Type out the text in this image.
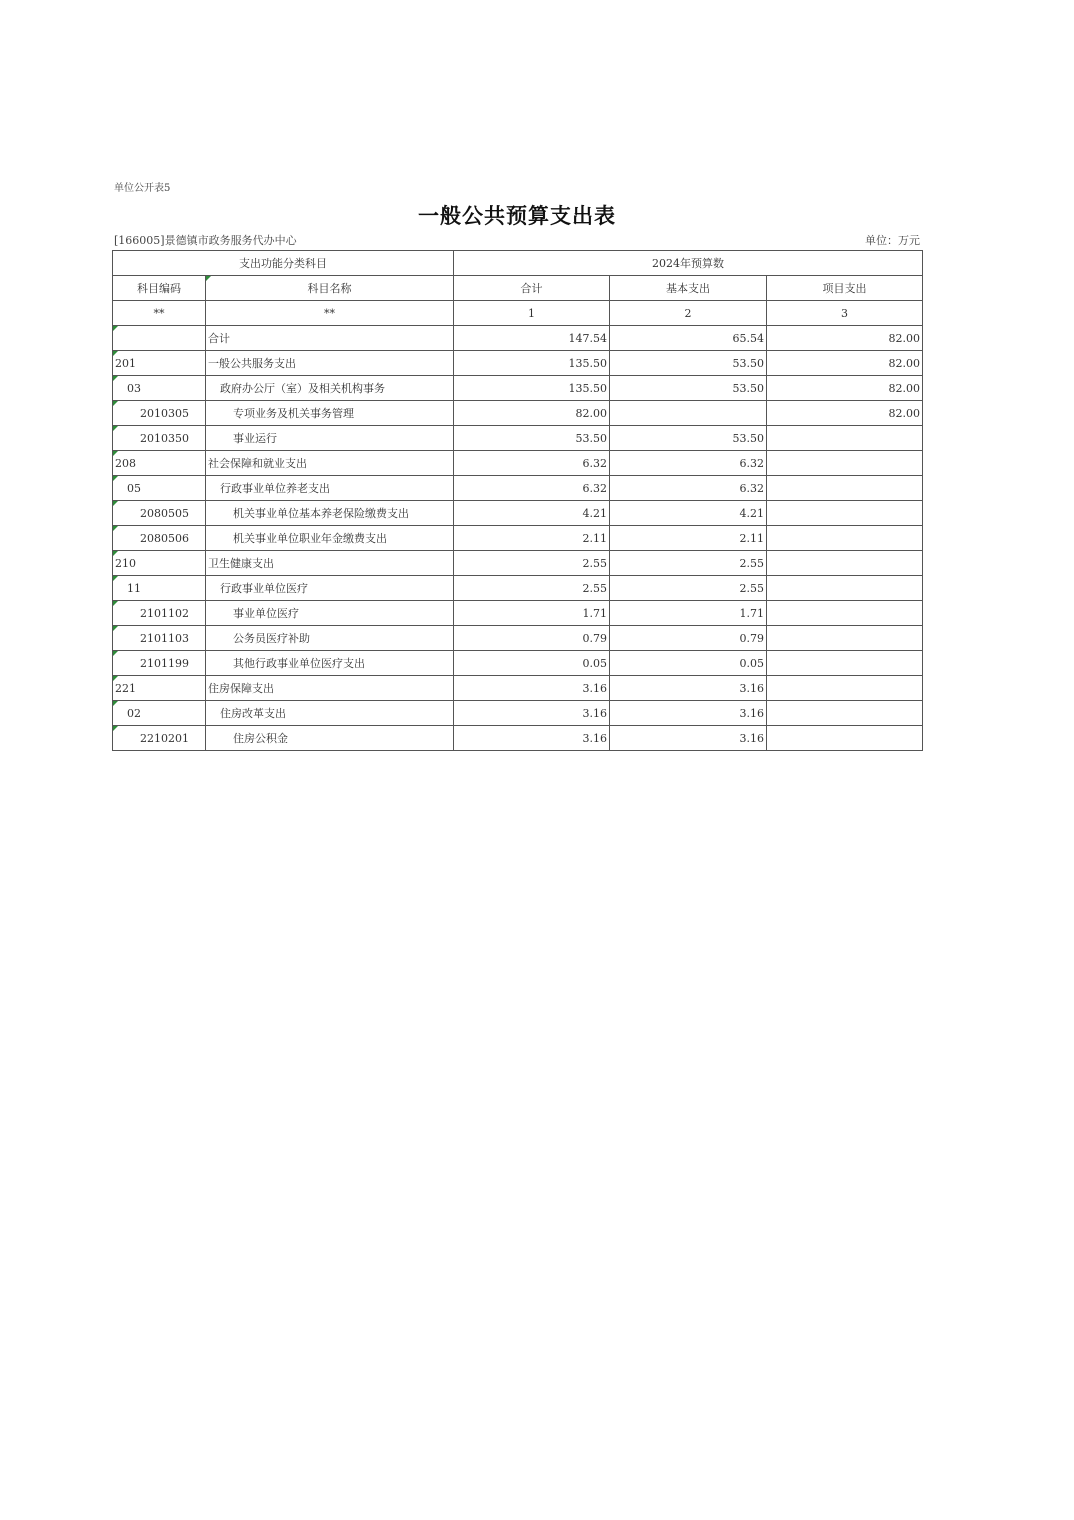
单位公开表5
一般公共预算支出表
[166005]景德镇市政务服务代办中心	单位：万元
支出功能分类科目		2024年预算数		
科目编码	科目名称	合计	基本支出	项目支出
**	**	1	2	3
	合计	147.54	65.54	82.00
201	一般公共服务支出	135.50	53.50	82.00
03	政府办公厅（室）及相关机构事务	135.50	53.50	82.00
2010305	专项业务及机关事务管理	82.00		82.00
2010350	事业运行	53.50	53.50	
208	社会保障和就业支出	6.32	6.32	
05	行政事业单位养老支出	6.32	6.32	
2080505	机关事业单位基本养老保险缴费支出	4.21	4.21	
2080506	机关事业单位职业年金缴费支出	2.11	2.11	
210	卫生健康支出	2.55	2.55	
11	行政事业单位医疗	2.55	2.55	
2101102	事业单位医疗	1.71	1.71	
2101103	公务员医疗补助	0.79	0.79	
2101199	其他行政事业单位医疗支出	0.05	0.05	
221	住房保障支出	3.16	3.16	
02	住房改革支出	3.16	3.16	
2210201	住房公积金	3.16	3.16	
